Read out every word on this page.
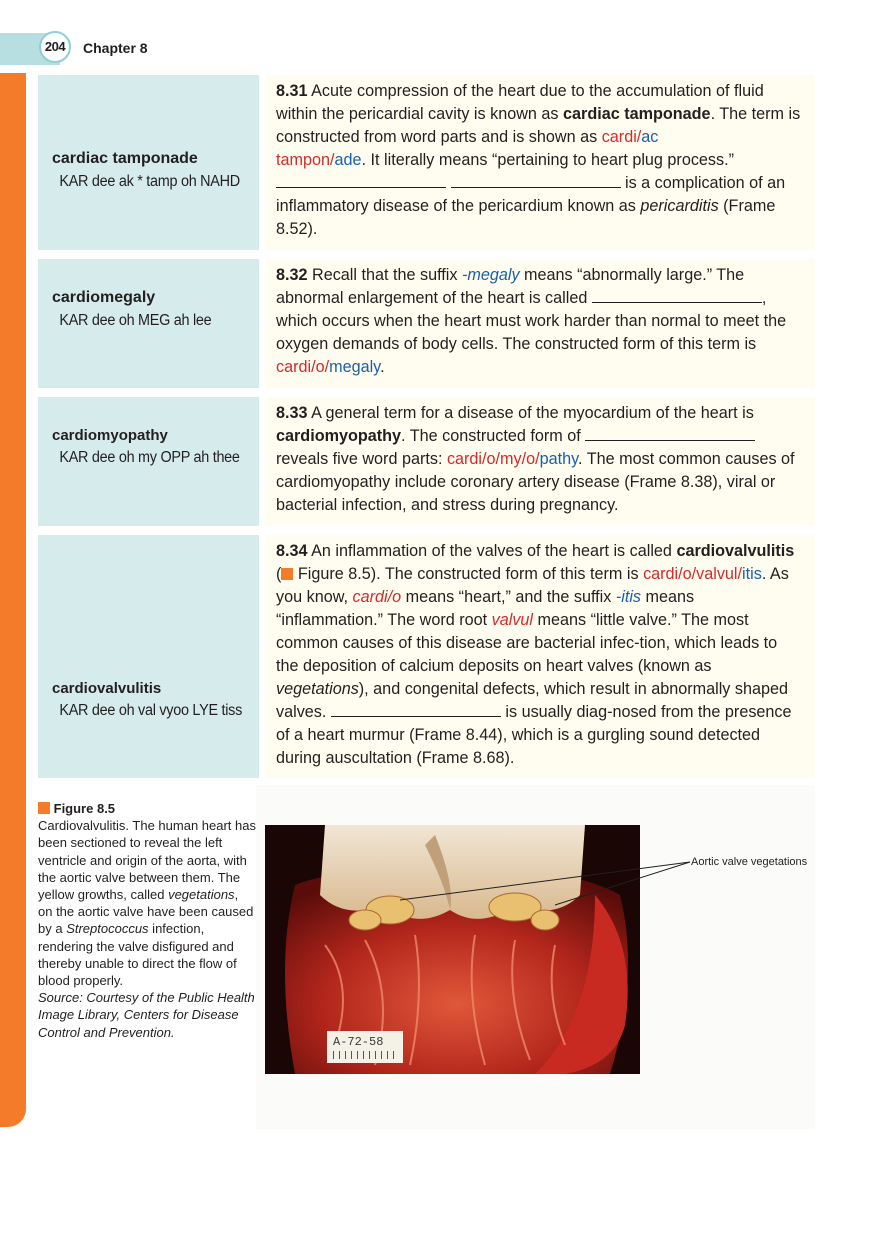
204	Chapter 8
cardiac tamponade
KAR dee ak * tamp oh NAHD
8.31 Acute compression of the heart due to the accumulation of fluid within the pericardial cavity is known as cardiac tamponade. The term is constructed from word parts and is shown as cardi/ac
tampon/ade. It literally means “pertaining to heart plug process.”
is a complication of an inflammatory disease of the pericardium known as pericarditis (Frame 8.52).
cardiomegaly
KAR dee oh MEG ah lee
8.32 Recall that the suffix -megaly means “abnormally large.” The abnormal enlargement of the heart is called	, which occurs when the heart must work harder than normal to meet the oxygen demands of body cells. The constructed form of this term is cardi/o/megaly.
cardiomyopathy
KAR dee oh my OPP ah thee
8.33 A general term for a disease of the myocardium of the heart is cardiomyopathy. The constructed form of  reveals five word parts: cardi/o/my/o/pathy. The most common causes of cardiomyopathy include coronary artery disease (Frame 8.38), viral or bacterial infection, and stress during pregnancy.
cardiovalvulitis
KAR dee oh val vyoo LYE tiss
8.34 An inflammation of the valves of the heart is called cardiovalvulitis ( Figure 8.5). The constructed form of this term is cardi/o/valvul/itis. As you know, cardi/o means “heart,” and the suffix -itis means “inflammation.” The word root valvul means “little valve.” The most common causes of this disease are bacterial infec-tion, which leads to the deposition of calcium deposits on heart valves (known as vegetations), and congenital defects, which result in abnormally shaped valves.	is usually diag-nosed from the presence of a heart murmur (Frame 8.44), which is a gurgling sound detected during auscultation (Frame 8.68).
Figure 8.5
Cardiovalvulitis. The human heart has been sectioned to reveal the left ventricle and origin of the aorta, with the aortic valve between them. The yellow growths, called vegetations, on the aortic valve have been caused by a Streptococcus infection, rendering the valve disfigured and thereby unable to direct the flow of blood properly.
Source: Courtesy of the Public Health Image Library, Centers for Disease Control and Prevention.
A-72-58
Aortic valve vegetations
